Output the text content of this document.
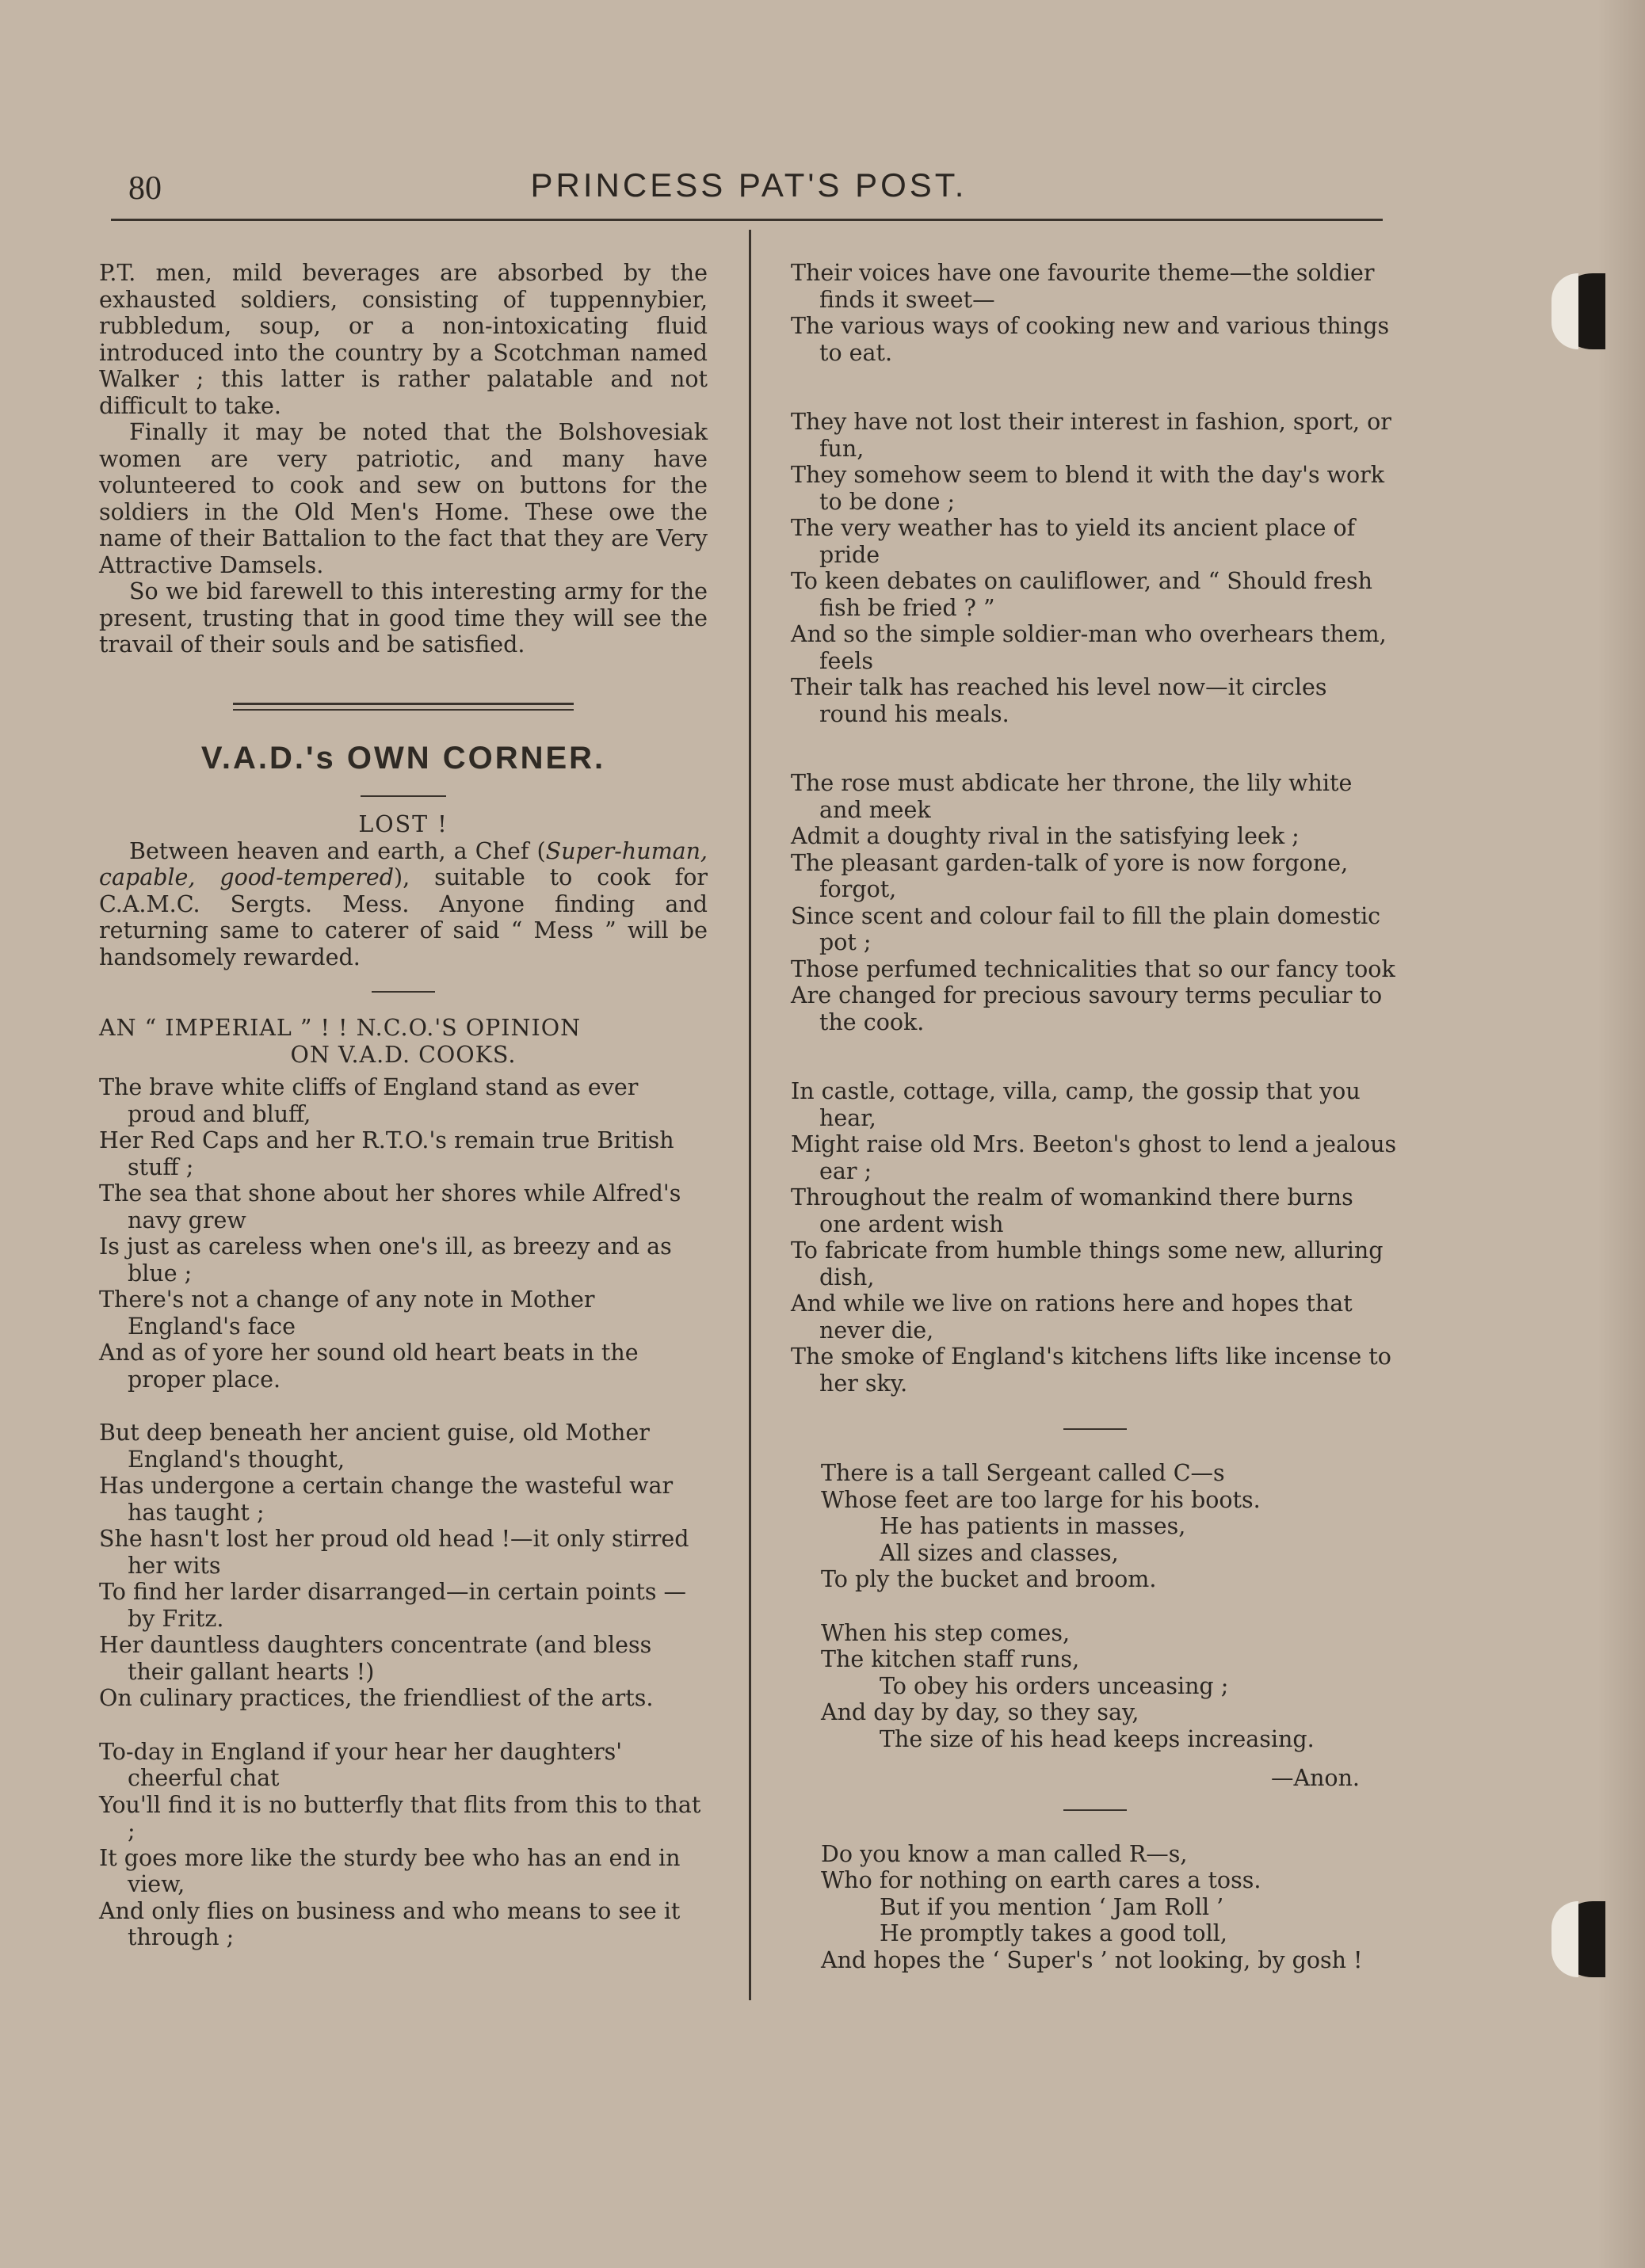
80	PRINCESS PAT'S POST.

P.T. men, mild beverages are absorbed by the exhausted soldiers, consisting of tuppennybier, rubbledum, soup, or a non-intoxicating fluid introduced into the country by a Scotchman named Walker ; this latter is rather palatable and not difficult to take.

Finally it may be noted that the Bolshovesiak women are very patriotic, and many have volunteered to cook and sew on buttons for the soldiers in the Old Men's Home. These owe the name of their Battalion to the fact that they are Very Attractive Damsels.

So we bid farewell to this interesting army for the present, trusting that in good time they will see the travail of their souls and be satisfied.

V.A.D.'s OWN CORNER.
LOST !

Between heaven and earth, a Chef (Super-human, capable, good-tempered), suitable to cook for C.A.M.C. Sergts. Mess. Anyone finding and returning same to caterer of said “ Mess ” will be handsomely rewarded.

AN “ IMPERIAL ” ! ! N.C.O.'S OPINION
ON V.A.D. COOKS.
The brave white cliffs of England stand as ever proud and bluff,
Her Red Caps and her R.T.O.'s remain true British stuff ;
The sea that shone about her shores while Alfred's navy grew
Is just as careless when one's ill, as breezy and as blue ;
There's not a change of any note in Mother England's face
And as of yore her sound old heart beats in the proper place.
But deep beneath her ancient guise, old Mother England's thought,
Has undergone a certain change the wasteful war has taught ;
She hasn't lost her proud old head !—it only stirred her wits
To find her larder disarranged—in certain points —by Fritz.
Her dauntless daughters concentrate (and bless their gallant hearts !)
On culinary practices, the friendliest of the arts.
To-day in England if your hear her daughters' cheerful chat
You'll find it is no butterfly that flits from this to that ;
It goes more like the sturdy bee who has an end in view,
And only flies on business and who means to see it through ;
Their voices have one favourite theme—the soldier finds it sweet—
The various ways of cooking new and various things to eat.
They have not lost their interest in fashion, sport, or fun,
They somehow seem to blend it with the day's work to be done ;
The very weather has to yield its ancient place of pride
To keen debates on cauliflower, and “ Should fresh fish be fried ? ”
And so the simple soldier-man who overhears them, feels
Their talk has reached his level now—it circles round his meals.
The rose must abdicate her throne, the lily white and meek
Admit a doughty rival in the satisfying leek ;
The pleasant garden-talk of yore is now forgone, forgot,
Since scent and colour fail to fill the plain domestic pot ;
Those perfumed technicalities that so our fancy took
Are changed for precious savoury terms peculiar to the cook.
In castle, cottage, villa, camp, the gossip that you hear,
Might raise old Mrs. Beeton's ghost to lend a jealous ear ;
Throughout the realm of womankind there burns one ardent wish
To fabricate from humble things some new, alluring dish,
And while we live on rations here and hopes that never die,
The smoke of England's kitchens lifts like incense to her sky.
There is a tall Sergeant called C—s
Whose feet are too large for his boots.
He has patients in masses,
All sizes and classes,
To ply the bucket and broom.
When his step comes,
The kitchen staff runs,
To obey his orders unceasing ;
And day by day, so they say,
The size of his head keeps increasing.
—Anon.
Do you know a man called R—s,
Who for nothing on earth cares a toss.
But if you mention ‘ Jam Roll ’
He promptly takes a good toll,
And hopes the ‘ Super's ’ not looking, by gosh !
